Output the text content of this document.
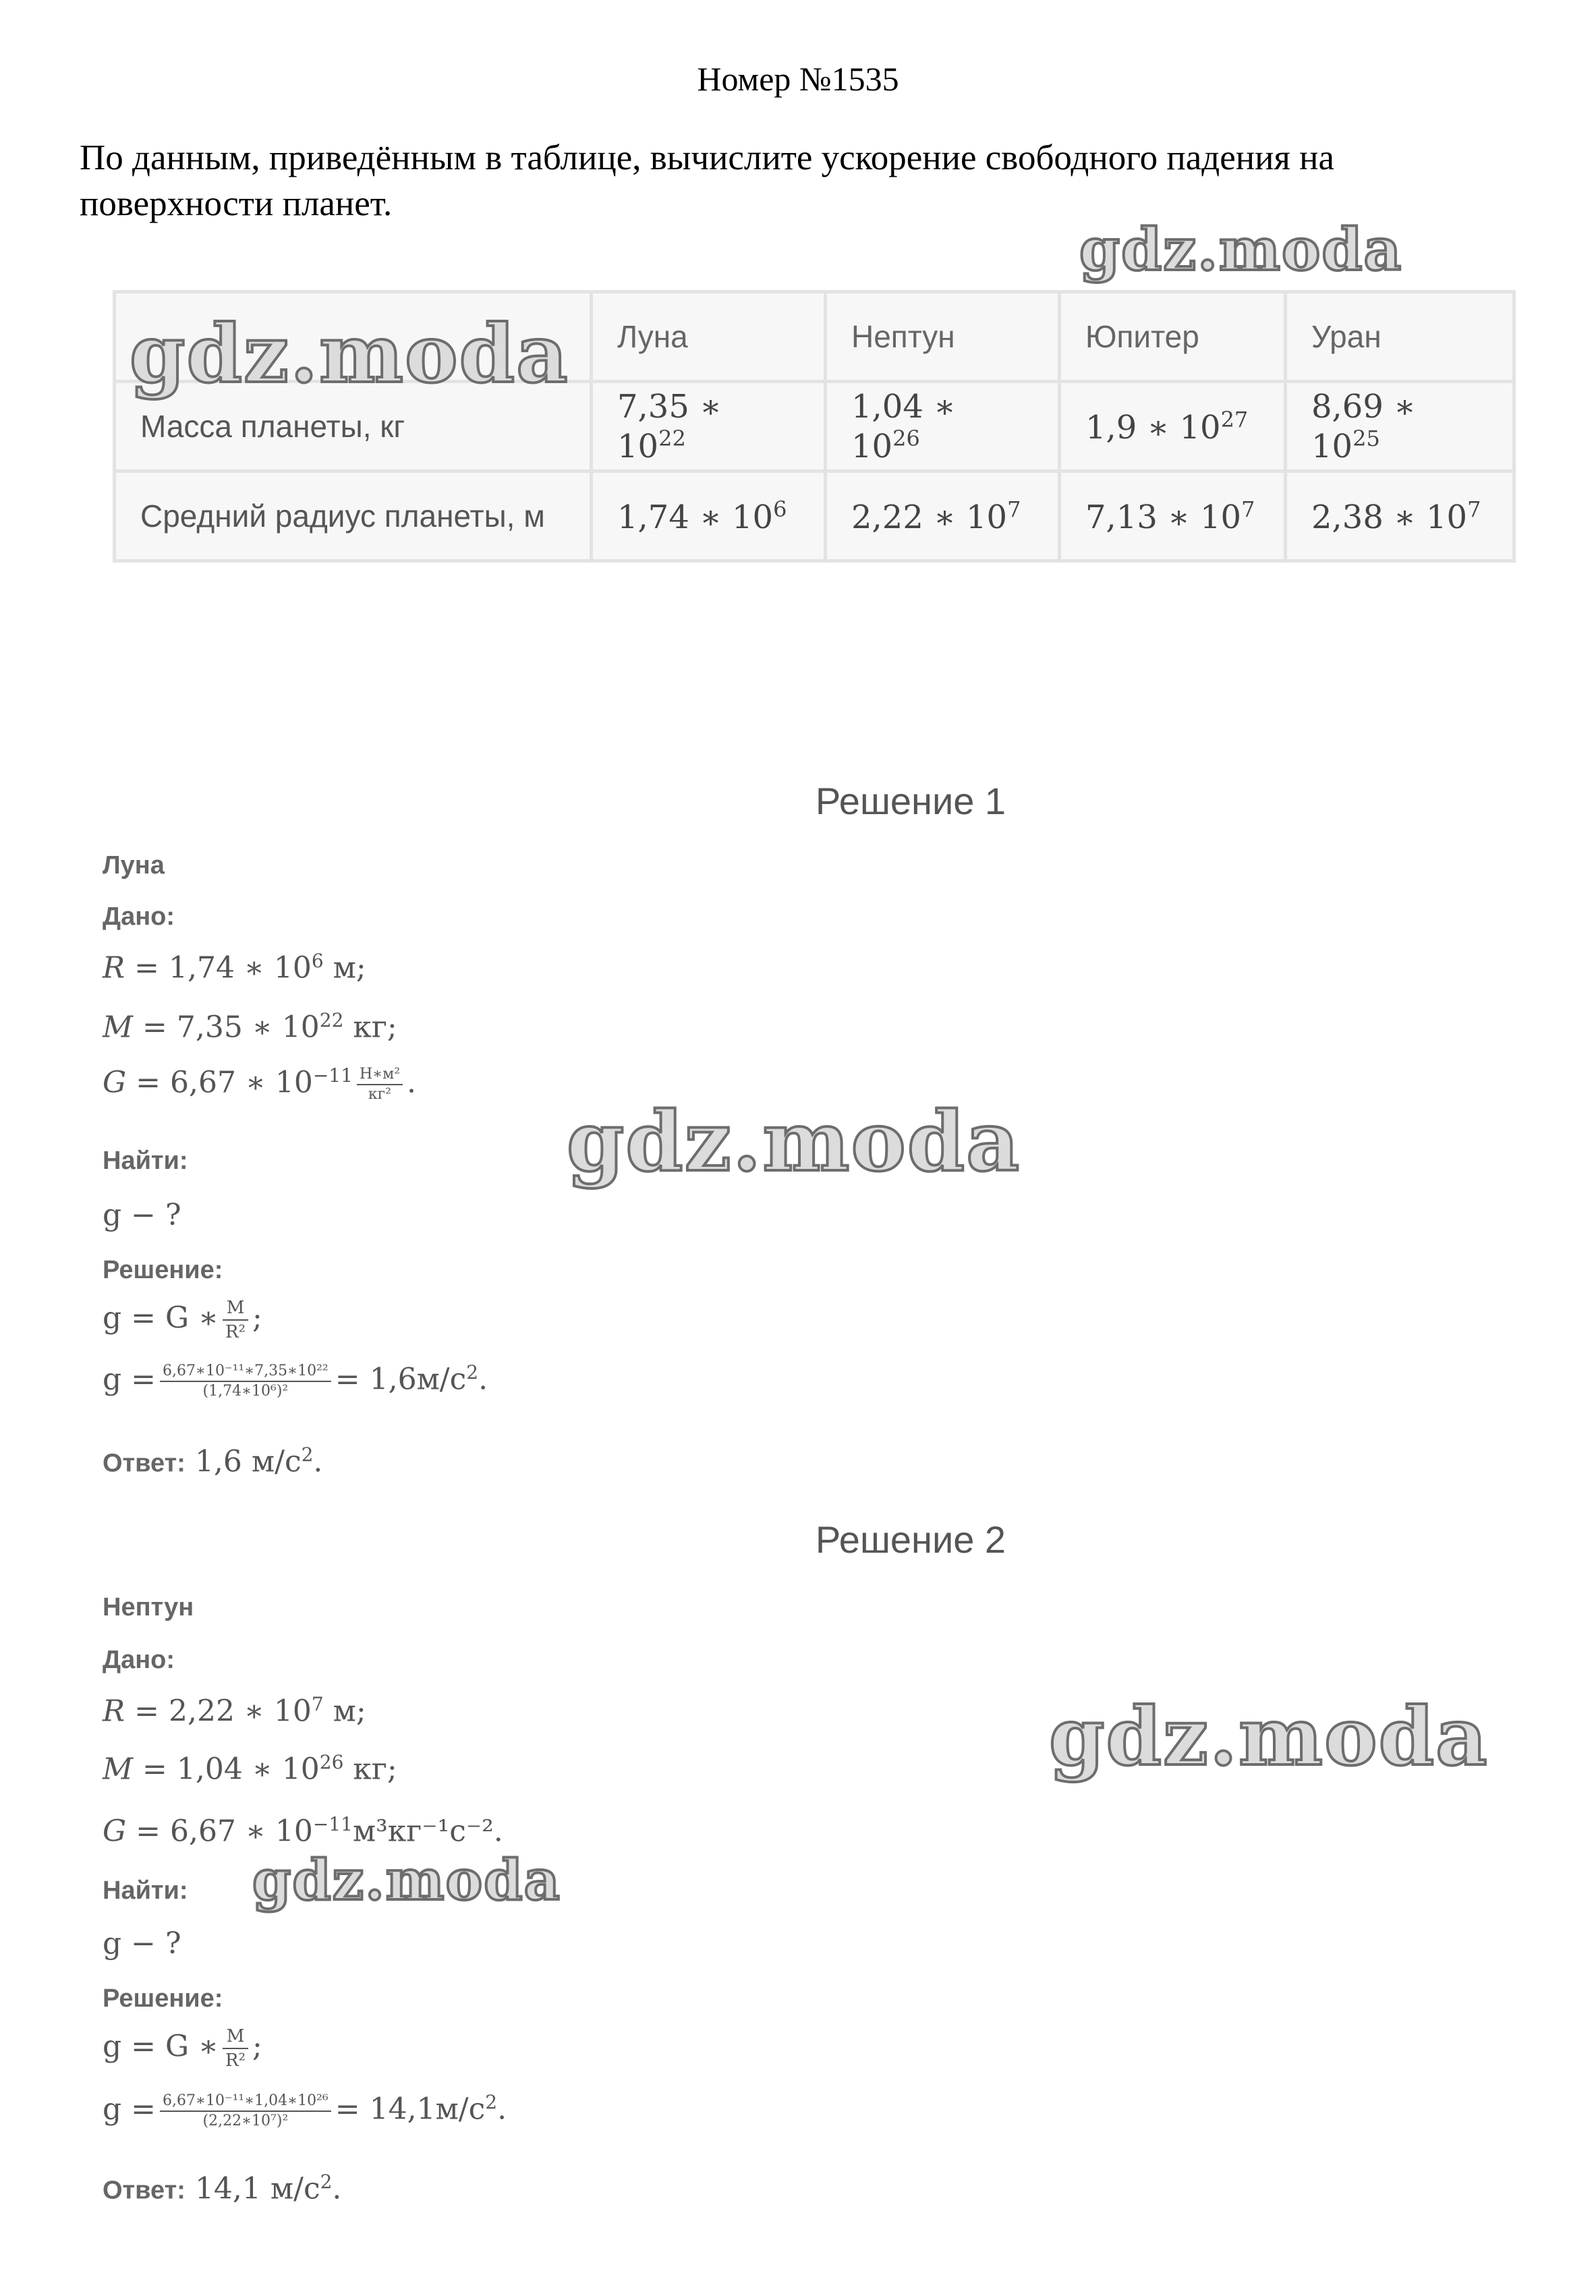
Номер №1535
По данным, приведённым в таблице, вычислите ускорение свободного падения на поверхности планет.
	Луна	Нептун	Юпитер	Уран
Масса планеты, кг	7,35 ∗ $10^{22}$	1,04 ∗ $10^{26}$	1,9 ∗ $10^{27}$	8,69 ∗ $10^{25}$
Средний радиус планеты, м	1,74 ∗ $10^6$	2,22 ∗ $10^7$	7,13 ∗ $10^7$	2,38 ∗ $10^7$
Решение 1
Луна
Дано:
R = 1,74 ∗ $10^6$ м;
M = 7,35 ∗ $10^{22}$ кг;
G = 6,67 ∗ $10^{-11} \frac{\text{Н∗м²}}{\text{кг²}}$ .
Найти:
g − ?
Решение:
g = G ∗ $\frac{M}{\text{R²}}$ ;
$g = \frac{\text{6,67∗10⁻¹¹∗7,35∗10²²}}{\text{(1,74∗10⁶)²}} = 1,6м/с^2$.
Ответ: 1,6 $м/с^2$.
Решение 2
Нептун
Дано:
R = 2,22 ∗ $10^7$ м;
M = 1,04 ∗ $10^{26}$ кг;
G = 6,67 ∗ $10^{-11}м^3кг^{-1}с^{-2}$.
Найти:
g − ?
Решение:
g = G ∗ $\frac{M}{\text{R²}}$ ;
$g = \frac{\text{6,67∗10⁻¹¹∗1,04∗10²⁶}}{\text{(2,22∗10⁷)²}} = 14,1м/с^2$.
Ответ: 14,1 $м/с^2$.
gdz.moda
gdz.moda
gdz.moda
gdz.moda
gdz.moda
